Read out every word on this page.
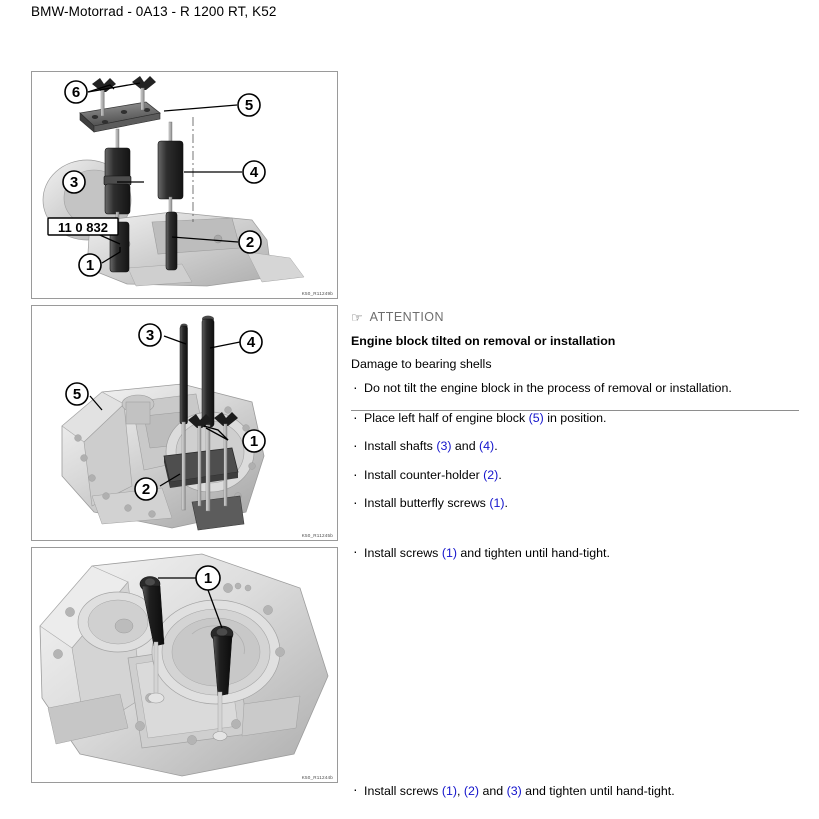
BMW-Motorrad - 0A13 - R 1200 RT, K52
11 0 832
6
5
3
4
2
1
K50_R11249b
3	4
5
1
2
K50_R11245b
1
K50_R11244b
☞ ATTENTION
Engine block tilted on removal or installation
Damage to bearing shells
· Do not tilt the engine block in the process of removal or installation.
· Place left half of engine block (5) in position.
· Install shafts (3) and (4).
· Install counter-holder (2).
· Install butterfly screws (1).
· Install screws (1) and tighten until hand-tight.
· Install screws (1), (2) and (3) and tighten until hand-tight.
